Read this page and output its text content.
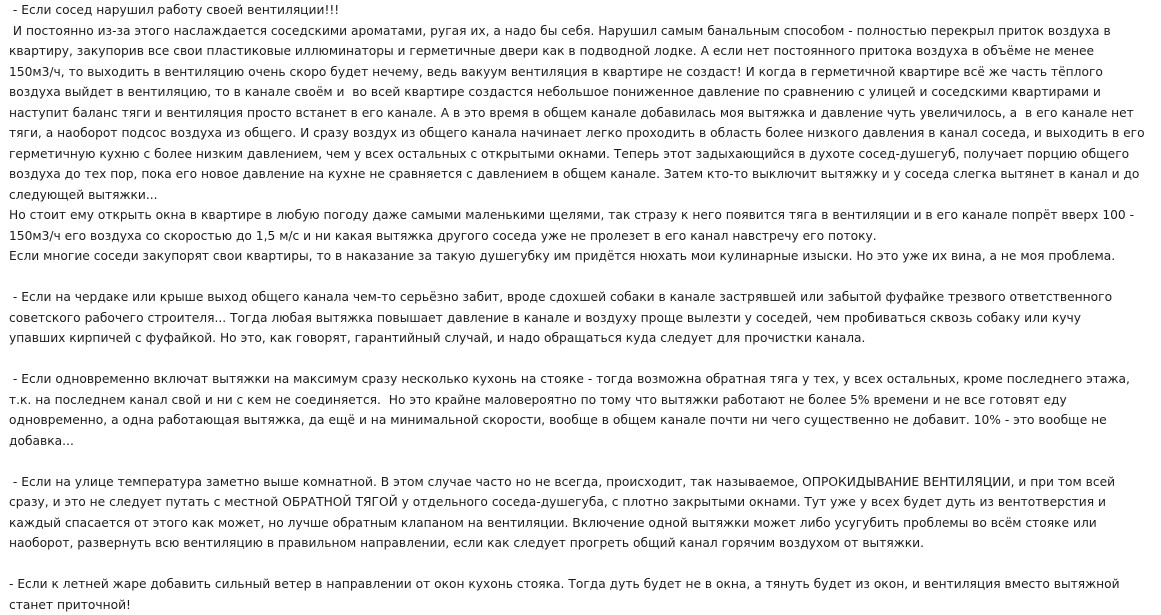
- Если сосед нарушил работу своей вентиляции!!!
И постоянно из-за этого наслаждается соседскими ароматами, ругая их, а надо бы себя. Нарушил самым банальным способом - полностью перекрыл приток воздуха в
квартиру, закупорив все свои пластиковые иллюминаторы и герметичные двери как в подводной лодке. А если нет постоянного притока воздуха в объёме не менее
150м3/ч, то выходить в вентиляцию очень скоро будет нечему, ведь вакуум вентиляция в квартире не создаст! И когда в герметичной квартире всё же часть тёплого
воздуха выйдет в вентиляцию, то в канале своём и  во всей квартире создастся небольшое пониженное давление по сравнению с улицей и соседскими квартирами и
наступит баланс тяги и вентиляция просто встанет в его канале. А в это время в общем канале добавилась моя вытяжка и давление чуть увеличилось, а  в его канале нет
тяги, а наоборот подсос воздуха из общего. И сразу воздух из общего канала начинает легко проходить в область более низкого давления в канал соседа, и выходить в его
герметичную кухню с более низким давлением, чем у всех остальных с открытыми окнами. Теперь этот задыхающийся в духоте сосед-душегуб, получает порцию общего
воздуха до тех пор, пока его новое давление на кухне не сравняется с давлением в общем канале. Затем кто-то выключит вытяжку и у соседа слегка вытянет в канал и до
следующей вытяжки...
Но стоит ему открыть окна в квартире в любую погоду даже самыми маленькими щелями, так стразу к него появится тяга в вентиляции и в его канале попрёт вверх 100 -
150м3/ч его воздуха со скоростью до 1,5 м/с и ни какая вытяжка другого соседа уже не пролезет в его канал навстречу его потоку.
Если многие соседи закупорят свои квартиры, то в наказание за такую душегубку им придётся нюхать мои кулинарные изыски. Но это уже их вина, а не моя проблема.
- Если на чердаке или крыше выход общего канала чем-то серьёзно забит, вроде сдохшей собаки в канале застрявшей или забытой фуфайке трезвого ответственного
советского рабочего строителя... Тогда любая вытяжка повышает давление в канале и воздуху проще вылезти у соседей, чем пробиваться сквозь собаку или кучу
упавших кирпичей с фуфайкой. Но это, как говорят, гарантийный случай, и надо обращаться куда следует для прочистки канала.
- Если одновременно включат вытяжки на максимум сразу несколько кухонь на стояке - тогда возможна обратная тяга у тех, у всех остальных, кроме последнего этажа,
т.к. на последнем канал свой и ни с кем не соединяется.  Но это крайне маловероятно по тому что вытяжки работают не более 5% времени и не все готовят еду
одновременно, а одна работающая вытяжка, да ещё и на минимальной скорости, вообще в общем канале почти ни чего существенно не добавит. 10% - это вообще не
добавка...
- Если на улице температура заметно выше комнатной. В этом случае часто но не всегда, происходит, так называемое, ОПРОКИДЫВАНИЕ ВЕНТИЛЯЦИИ, и при том всей
сразу, и это не следует путать с местной ОБРАТНОЙ ТЯГОЙ у отдельного соседа-душегуба, с плотно закрытыми окнами. Тут уже у всех будет дуть из вентотверстия и
каждый спасается от этого как может, но лучше обратным клапаном на вентиляции. Включение одной вытяжки может либо усугубить проблемы во всём стояке или
наоборот, развернуть всю вентиляцию в правильном направлении, если как следует прогреть общий канал горячим воздухом от вытяжки.
- Если к летней жаре добавить сильный ветер в направлении от окон кухонь стояка. Тогда дуть будет не в окна, а тянуть будет из окон, и вентиляция вместо вытяжной
станет приточной!
